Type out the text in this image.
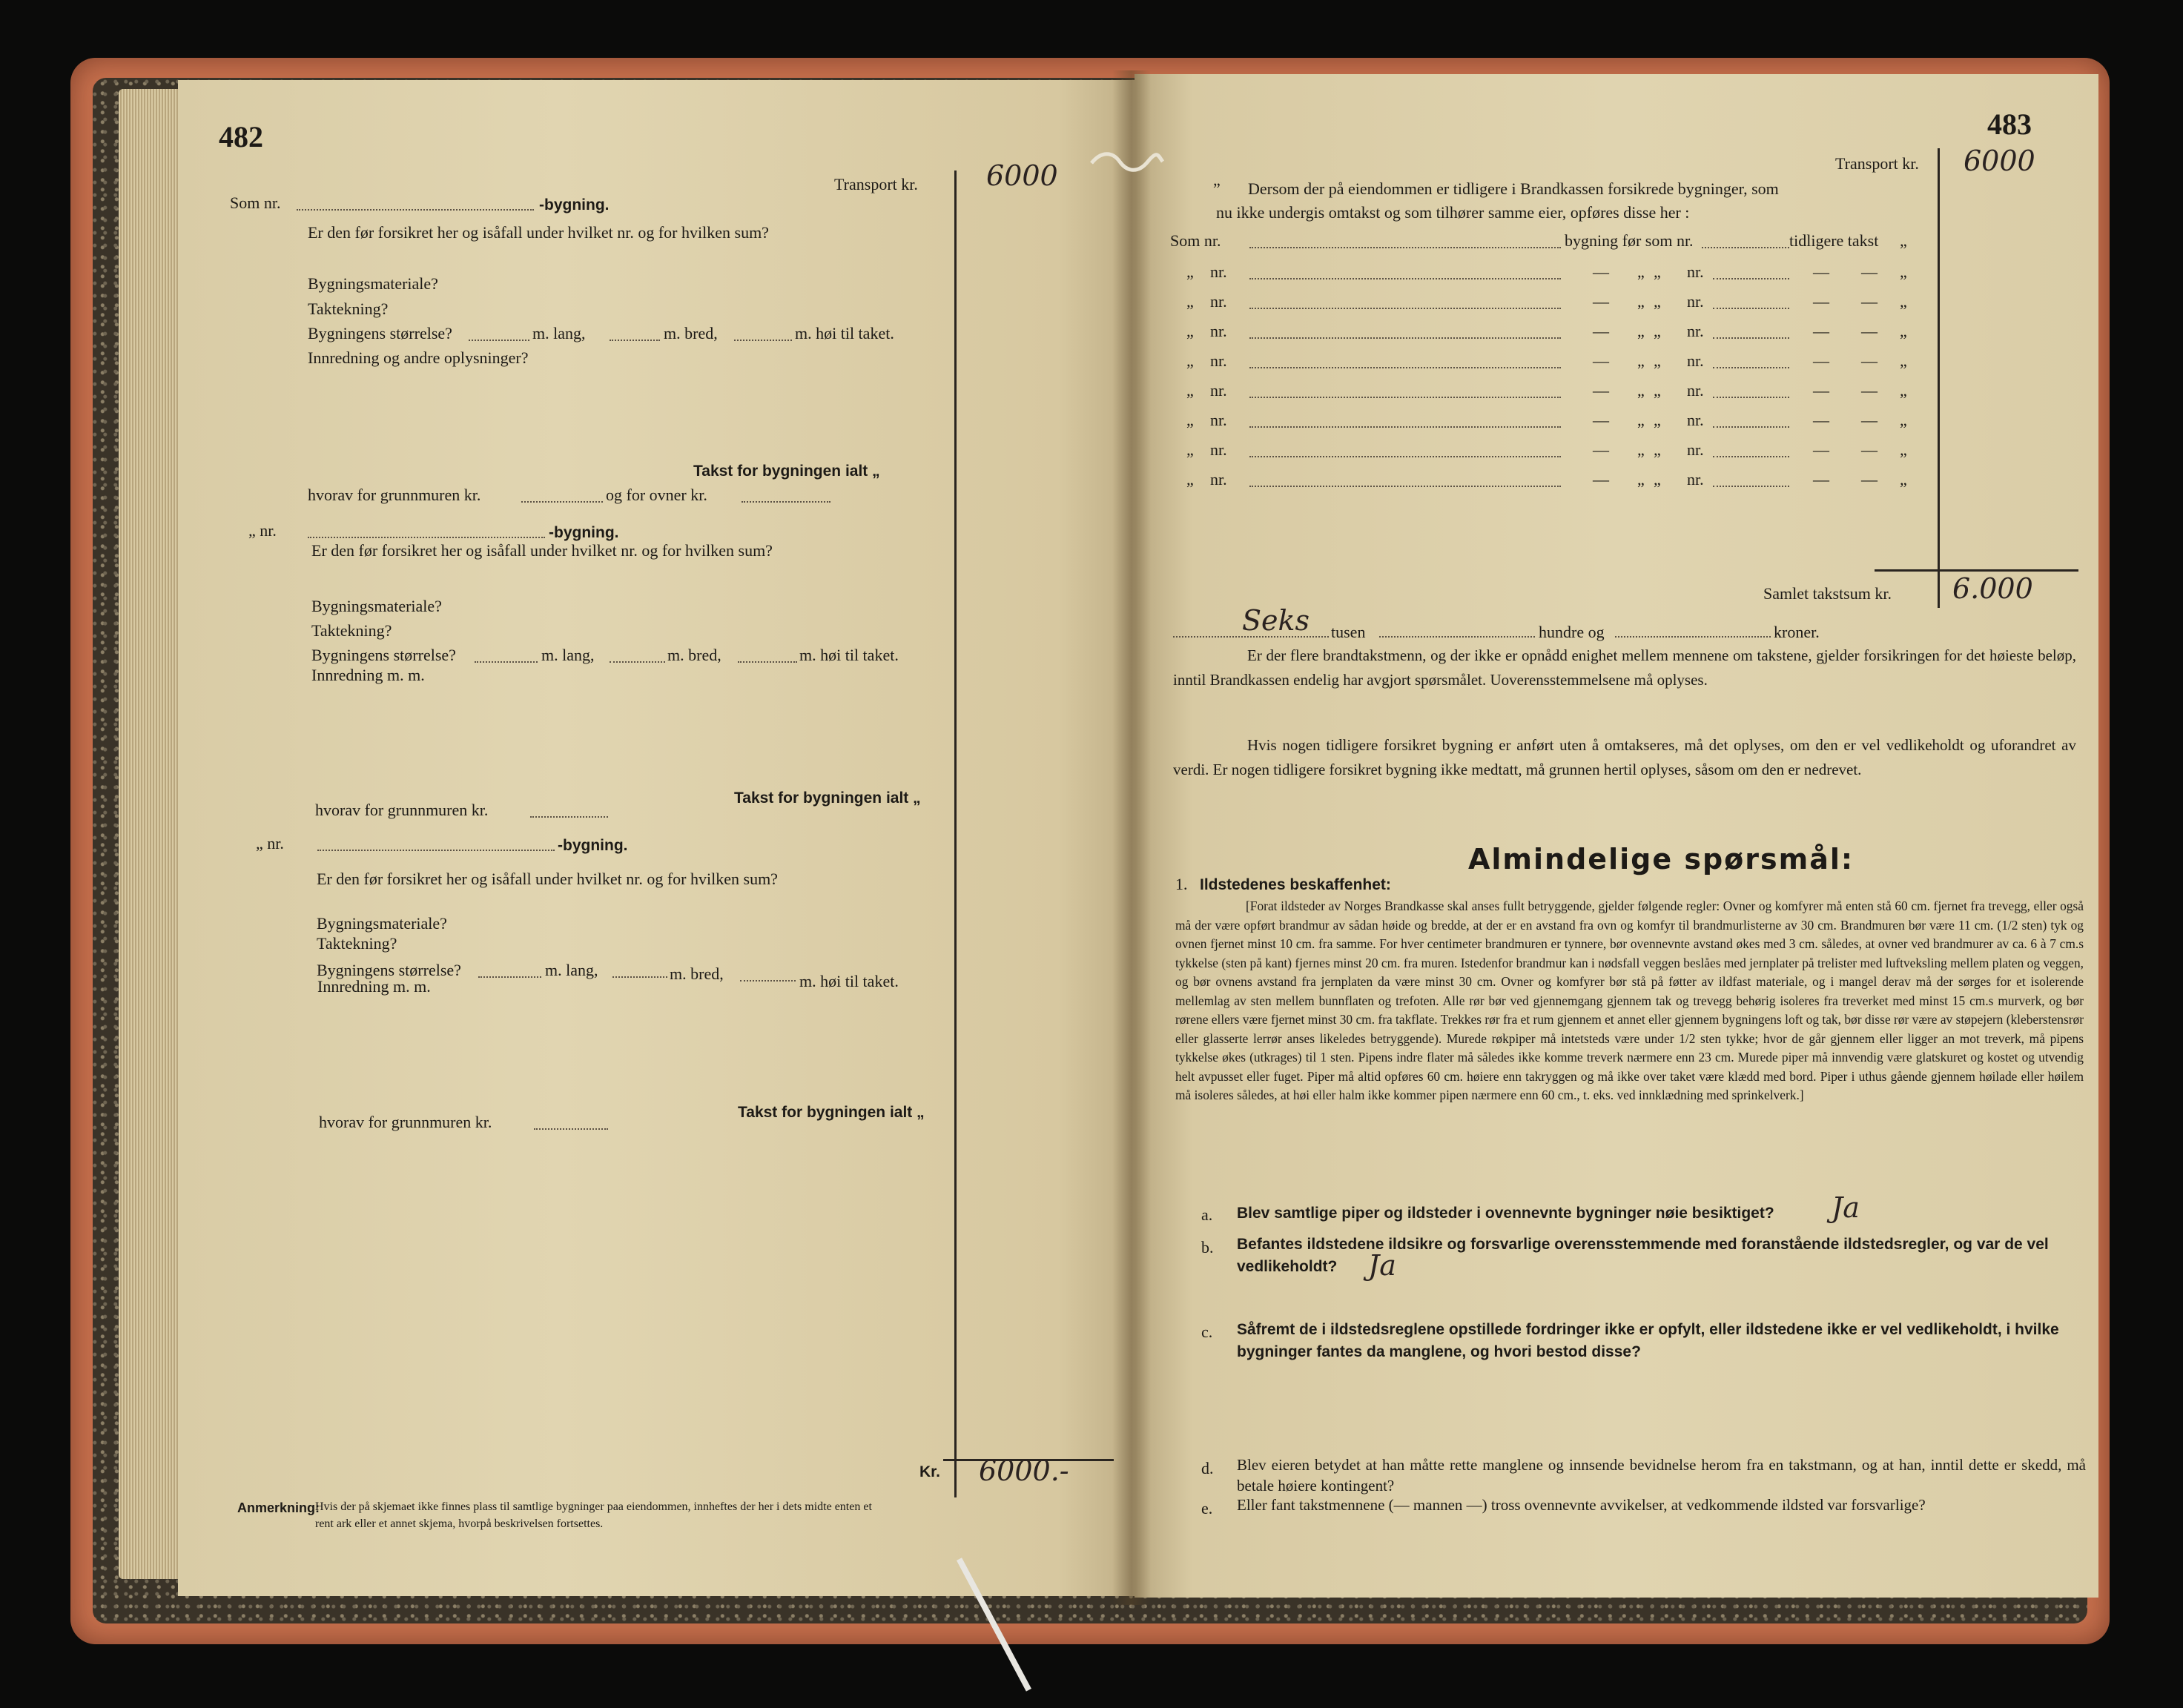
482
Transport kr. 6000
Som nr.	-bygning.
Er den før forsikret her og isåfall under hvilket nr. og for hvilken sum?
Bygningsmateriale?
Taktekning?
Bygningens størrelse?	m. lang,	m. bred,	m. høi til taket.
Innredning og andre oplysninger?
Takst for bygningen ialt „
hvorav for grunnmuren kr.	og for ovner kr.
„ nr.	-bygning.
Er den før forsikret her og isåfall under hvilket nr. og for hvilken sum?
Bygningsmateriale?
Taktekning?
Bygningens størrelse?	m. lang,	m. bred,	m. høi til taket.
Innredning m. m.
Takst for bygningen ialt „
hvorav for grunnmuren kr.
„ nr.	-bygning.
Er den før forsikret her og isåfall under hvilket nr. og for hvilken sum?
Bygningsmateriale?
Taktekning?
Bygningens størrelse?	m. lang,	m. bred,	m. høi til taket.
Innredning m. m.
Takst for bygningen ialt „
hvorav for grunnmuren kr.
Kr. 6000.-
Anmerkning:
Hvis der på skjemaet ikke finnes plass til samtlige bygninger paa eiendommen, innheftes der her i dets midte enten et
rent ark eller et annet skjema, hvorpå beskrivelsen fortsettes.
483
Transport kr. 6000
„ Dersom der på eiendommen er tidligere i Brandkassen forsikrede bygninger, som
nu ikke undergis omtakst og som tilhører samme eier, opføres disse her :
Som nr.	bygning før som nr.	tidligere takst „
„ nr.	— „ „ nr.	— — „
„ nr.	— „ „ nr.	— — „
„ nr.	— „ „ nr.	— — „
„ nr.	— „ „ nr.	— — „
„ nr.	— „ „ nr.	— — „
„ nr.	— „ „ nr.	— — „
„ nr.	— „ „ nr.	— — „
„ nr.	— „ „ nr.	— — „
Samlet takstsum kr. 6.000
Seks tusen	hundre og	kroner.
Er der flere brandtakstmenn, og der ikke er opnådd enighet mellem mennene om takstene, gjelder forsikringen for det høieste beløp, inntil Brandkassen endelig har avgjort spørsmålet. Uoverensstemmelsene må oplyses.
Hvis nogen tidligere forsikret bygning er anført uten å omtakseres, må det oplyses, om den er vel vedlikeholdt og uforandret av verdi. Er nogen tidligere forsikret bygning ikke medtatt, må grunnen hertil oplyses, såsom om den er nedrevet.
Almindelige spørsmål:
1. Ildstedenes beskaffenhet:
[Forat ildsteder av Norges Brandkasse skal anses fullt betryggende, gjelder følgende regler: Ovner og komfyrer må enten stå 60 cm. fjernet fra trevegg, eller også må der være opført brandmur av sådan høide og bredde, at der er en avstand fra ovn og komfyr til brandmurlisterne av 30 cm. Brandmuren bør være 11 cm. (1/2 sten) tyk og ovnen fjernet minst 10 cm. fra samme. For hver centimeter brandmuren er tynnere, bør ovennevnte avstand økes med 3 cm. således, at ovner ved brandmurer av ca. 6 à 7 cm.s tykkelse (sten på kant) fjernes minst 20 cm. fra muren. Istedenfor brandmur kan i nødsfall veggen beslåes med jernplater på trelister med luftveksling mellem platen og veggen, og bør ovnens avstand fra jernplaten da være minst 30 cm. Ovner og komfyrer bør stå på føtter av ildfast materiale, og i mangel derav må der sørges for et isolerende mellemlag av sten mellem bunnflaten og trefoten. Alle rør bør ved gjennemgang gjennem tak og trevegg behørig isoleres fra treverket med minst 15 cm.s murverk, og bør rørene ellers være fjernet minst 30 cm. fra takflate. Trekkes rør fra et rum gjennem et annet eller gjennem bygningens loft og tak, bør disse rør være av støpejern (kleberstensrør eller glasserte lerrør anses likeledes betryggende). Murede røkpiper må intetsteds være under 1/2 sten tykke; hvor de går gjennem eller ligger an mot treverk, må pipens tykkelse økes (utkrages) til 1 sten. Pipens indre flater må således ikke komme treverk nærmere enn 23 cm. Murede piper må innvendig være glatskuret og kostet og utvendig helt avpusset eller fuget. Piper må altid opføres 60 cm. høiere enn takryggen og må ikke over taket være klædd med bord. Piper i uthus gående gjennem høilade eller høilem må isoleres således, at høi eller halm ikke kommer pipen nærmere enn 60 cm., t. eks. ved innklædning med sprinkelverk.]
a. Blev samtlige piper og ildsteder i ovennevnte bygninger nøie besiktiget?	Ja
b. Befantes ildstedene ildsikre og forsvarlige overensstemmende med foranstående ildstedsregler, og var de vel vedlikeholdt?	Ja
c. Såfremt de i ildstedsreglene opstillede fordringer ikke er opfylt, eller ildstedene ikke er vel vedlikeholdt, i hvilke bygninger fantes da manglene, og hvori bestod disse?
d. Blev eieren betydet at han måtte rette manglene og innsende bevidnelse herom fra en takstmann, og at han, inntil dette er skedd, må betale høiere kontingent?
e. Eller fant takstmennene (— mannen —) tross ovennevnte avvikelser, at vedkommende ildsted var forsvarlige?
